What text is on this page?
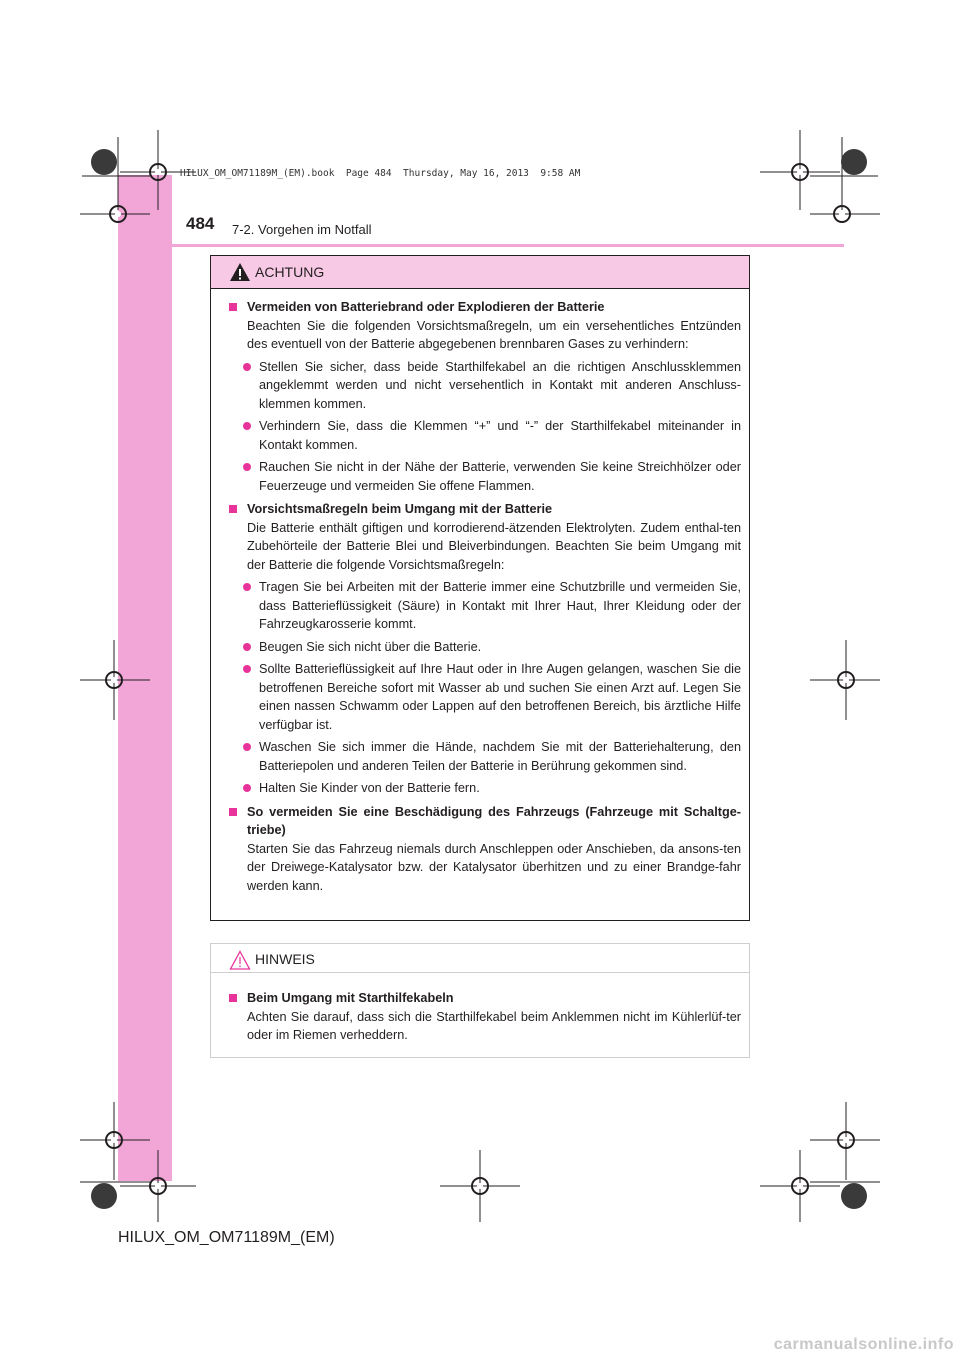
HILUX_OM_OM71189M_(EM).book  Page 484  Thursday, May 16, 2013  9:58 AM
484 7-2. Vorgehen im Notfall
ACHTUNG
Vermeiden von Batteriebrand oder Explodieren der Batterie
Beachten Sie die folgenden Vorsichtsmaßregeln, um ein versehentliches Entzünden des eventuell von der Batterie abgegebenen brennbaren Gases zu verhindern:
Stellen Sie sicher, dass beide Starthilfekabel an die richtigen Anschlussklemmen angeklemmt werden und nicht versehentlich in Kontakt mit anderen Anschluss-klemmen kommen.
Verhindern Sie, dass die Klemmen “+” und “-” der Starthilfekabel miteinander in Kontakt kommen.
Rauchen Sie nicht in der Nähe der Batterie, verwenden Sie keine Streichhölzer oder Feuerzeuge und vermeiden Sie offene Flammen.
Vorsichtsmaßregeln beim Umgang mit der Batterie
Die Batterie enthält giftigen und korrodierend-ätzenden Elektrolyten. Zudem enthal-ten Zubehörteile der Batterie Blei und Bleiverbindungen. Beachten Sie beim Umgang mit der Batterie die folgende Vorsichtsmaßregeln:
Tragen Sie bei Arbeiten mit der Batterie immer eine Schutzbrille und vermeiden Sie, dass Batterieflüssigkeit (Säure) in Kontakt mit Ihrer Haut, Ihrer Kleidung oder der Fahrzeugkarosserie kommt.
Beugen Sie sich nicht über die Batterie.
Sollte Batterieflüssigkeit auf Ihre Haut oder in Ihre Augen gelangen, waschen Sie die betroffenen Bereiche sofort mit Wasser ab und suchen Sie einen Arzt auf. Legen Sie einen nassen Schwamm oder Lappen auf den betroffenen Bereich, bis ärztliche Hilfe verfügbar ist.
Waschen Sie sich immer die Hände, nachdem Sie mit der Batteriehalterung, den Batteriepolen und anderen Teilen der Batterie in Berührung gekommen sind.
Halten Sie Kinder von der Batterie fern.
So vermeiden Sie eine Beschädigung des Fahrzeugs (Fahrzeuge mit Schaltge-triebe)
Starten Sie das Fahrzeug niemals durch Anschleppen oder Anschieben, da ansons-ten der Dreiwege-Katalysator bzw. der Katalysator überhitzen und zu einer Brandge-fahr werden kann.
HINWEIS
Beim Umgang mit Starthilfekabeln
Achten Sie darauf, dass sich die Starthilfekabel beim Anklemmen nicht im Kühlerlüf-ter oder im Riemen verheddern.
HILUX_OM_OM71189M_(EM)
carmanualsonline.info
